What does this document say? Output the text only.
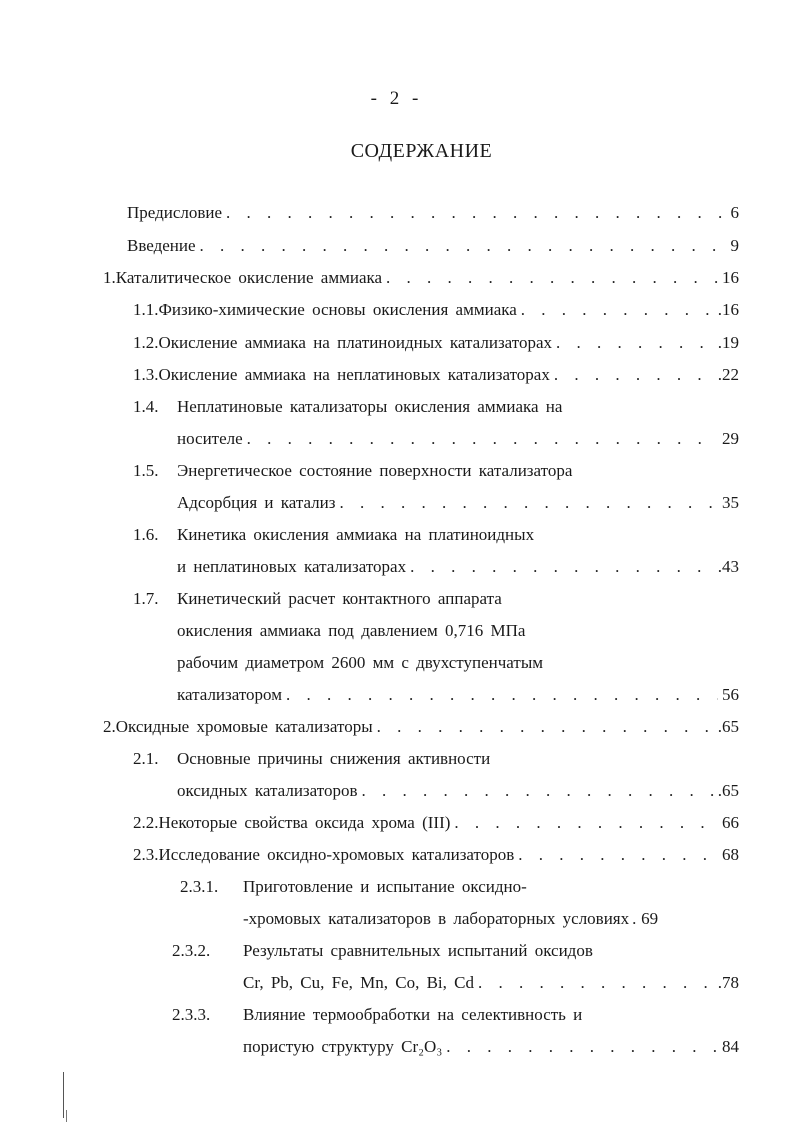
- 2 -
СОДЕРЖАНИЕ
Предисловие . . .	6
Введение . . .	9
1. Каталитическое окисление аммиака . . .	16
1.1. Физико-химические основы окисления аммиака . . .	.16
1.2. Окисление аммиака на платиноидных катализаторах . . .	.19
1.3. Окисление аммиака на неплатиновых катализаторах . . .	.22
1.4.	Неплатиновые катализаторы окисления аммиака на
носителе . . .	29
1.5.	Энергетическое состояние поверхности катализатора
Адсорбция и катализ . . .	35
1.6.	Кинетика окисления аммиака на платиноидных
и неплатиновых катализаторах . . .	.43
1.7.	Кинетический расчет контактного аппарата
окисления аммиака под давлением 0,716 МПа
рабочим диаметром 2600 мм с двухступенчатым
катализатором . . .	56
2. Оксидные хромовые катализаторы . . .	.65
2.1.	Основные причины снижения активности
оксидных катализаторов . . .	.65
2.2. Некоторые свойства оксида хрома (III) . . .	66
2.3. Исследование оксидно-хромовых катализаторов . . .	68
2.3.1.	Приготовление и испытание оксидно-
-хромовых катализаторов в лабораторных условиях . . . 69
2.3.2.	Результаты сравнительных испытаний оксидов
Cr, Pb, Cu, Fe, Mn, Co, Bi, Cd . . .	.78
2.3.3.	Влияние термообработки на селективность и
пористую структуру Cr₂O₃ . . .	84
